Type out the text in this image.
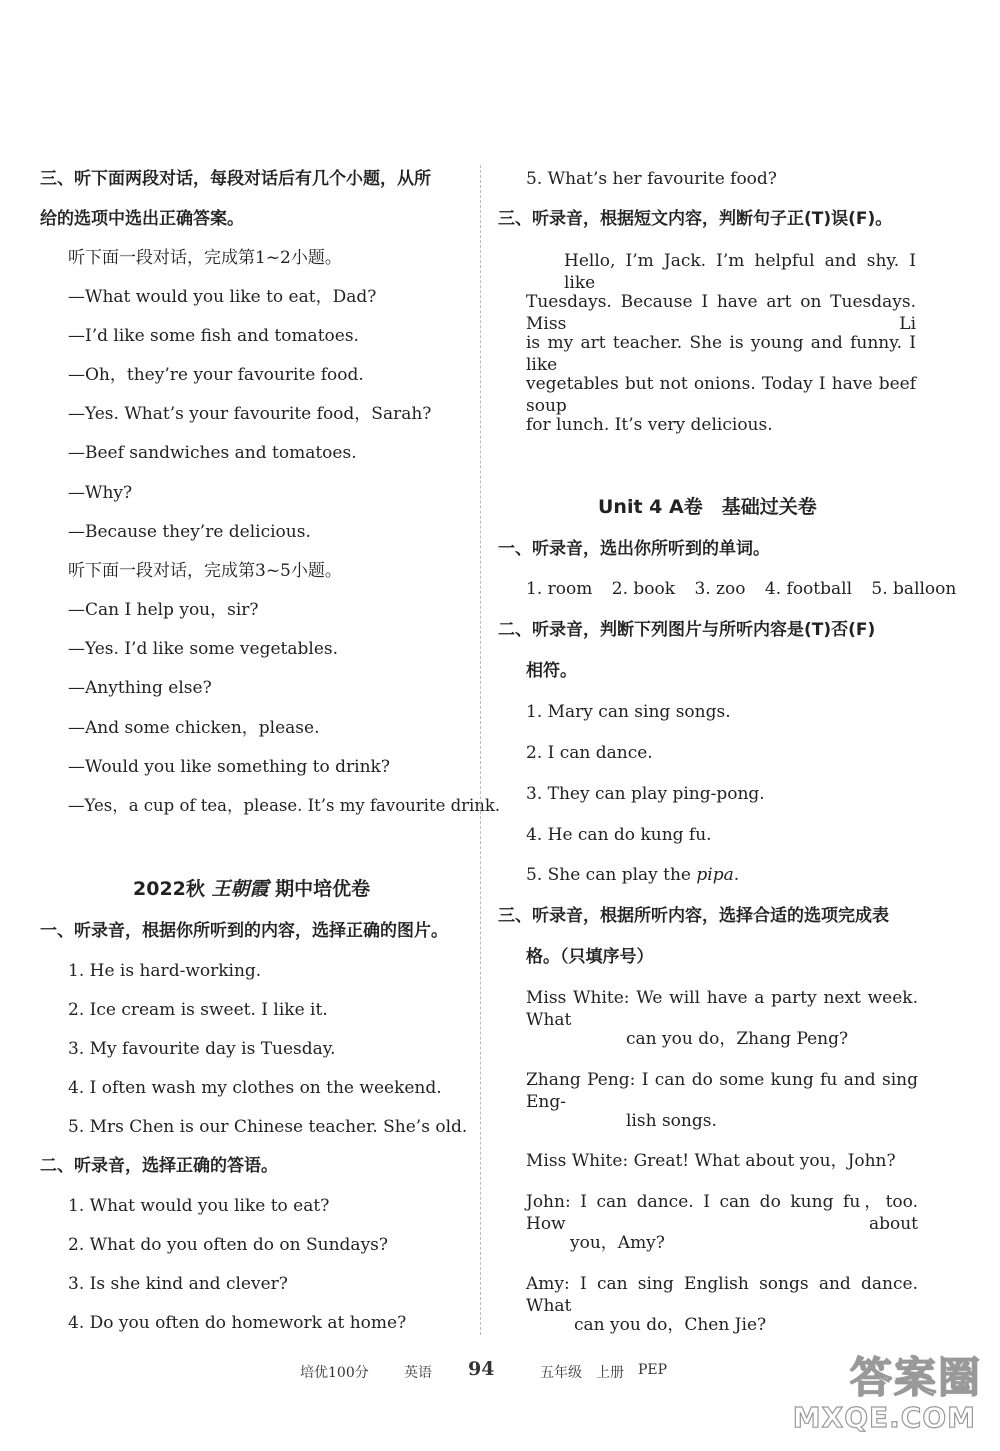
三、听下面两段对话，每段对话后有几个小题，从所
给的选项中选出正确答案。
听下面一段对话，完成第1~2小题。
—What would you like to eat，Dad?
—I’d like some fish and tomatoes.
—Oh，they’re your favourite food.
—Yes. What’s your favourite food，Sarah?
—Beef sandwiches and tomatoes.
—Why?
—Because they’re delicious.
听下面一段对话，完成第3~5小题。
—Can I help you，sir?
—Yes. I’d like some vegetables.
—Anything else?
—And some chicken，please.
—Would you like something to drink?
—Yes，a cup of tea，please. It’s my favourite drink.
2022秋 王朝霞 期中培优卷
一、听录音，根据你所听到的内容，选择正确的图片。
1. He is hard-working.
2. Ice cream is sweet. I like it.
3. My favourite day is Tuesday.
4. I often wash my clothes on the weekend.
5. Mrs Chen is our Chinese teacher. She’s old.
二、听录音，选择正确的答语。
1. What would you like to eat?
2. What do you often do on Sundays?
3. Is she kind and clever?
4. Do you often do homework at home?
5. What’s her favourite food?
三、听录音，根据短文内容，判断句子正(T)误(F)。
Hello, I’m Jack. I’m helpful and shy. I like
Tuesdays. Because I have art on Tuesdays. Miss Li
is my art teacher. She is young and funny. I like
vegetables but not onions. Today I have beef soup
for lunch. It’s very delicious.
Unit 4 A卷　基础过关卷
一、听录音，选出你所听到的单词。
1. room 2. book 3. zoo 4. football 5. balloon
二、听录音，判断下列图片与所听内容是(T)否(F)
相符。
1. Mary can sing songs.
2. I can dance.
3. They can play ping-pong.
4. He can do kung fu.
5. She can play the pipa.
三、听录音，根据所听内容，选择合适的选项完成表
格。（只填序号）
Miss White: We will have a party next week. What
can you do，Zhang Peng?
Zhang Peng: I can do some kung fu and sing Eng-
lish songs.
Miss White: Great! What about you，John?
John: I can dance. I can do kung fu，too. How about
you，Amy?
Amy: I can sing English songs and dance. What
can you do，Chen Jie?
培优100分	英语 94	五年级 上册 PEP	答案圈
MXQE.COM
